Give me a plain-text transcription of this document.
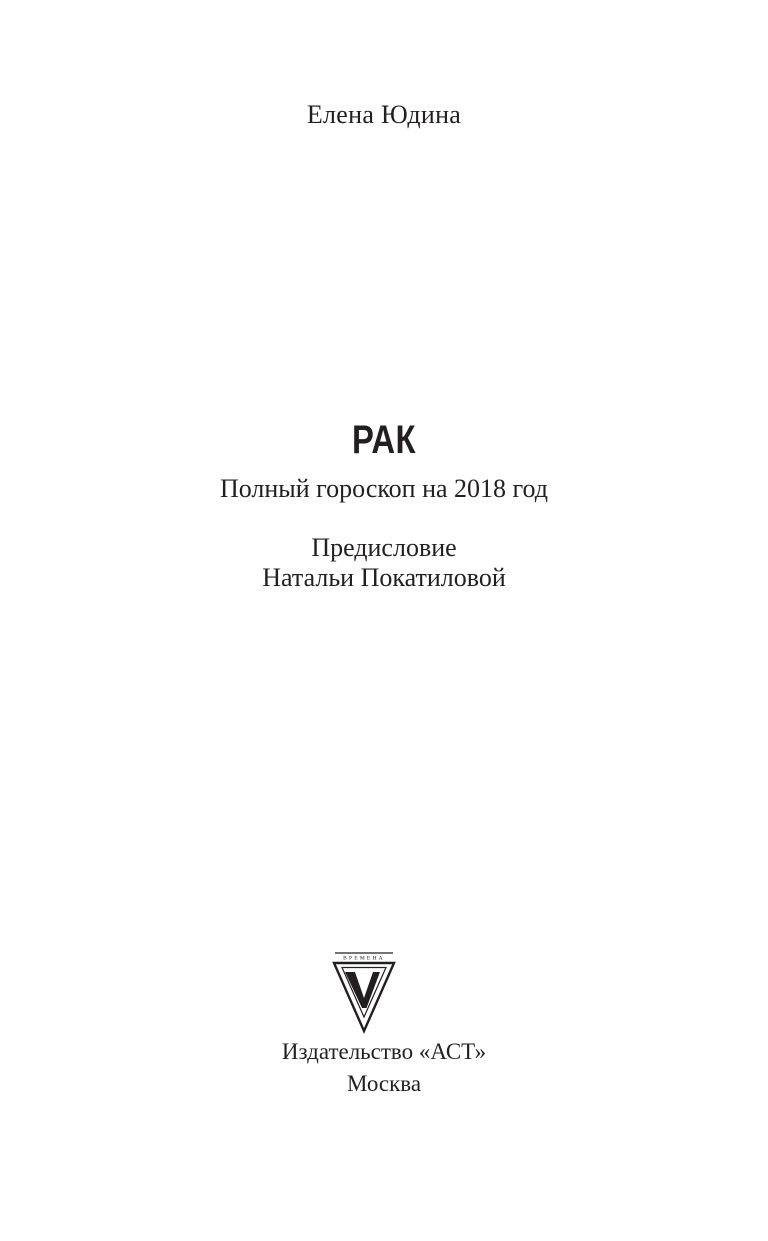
Елена Юдина
РАК
Полный гороскоп на 2018 год
Предисловие
Натальи Покатиловой
ВРЕМЕНА
Издательство «АСТ»
Москва
